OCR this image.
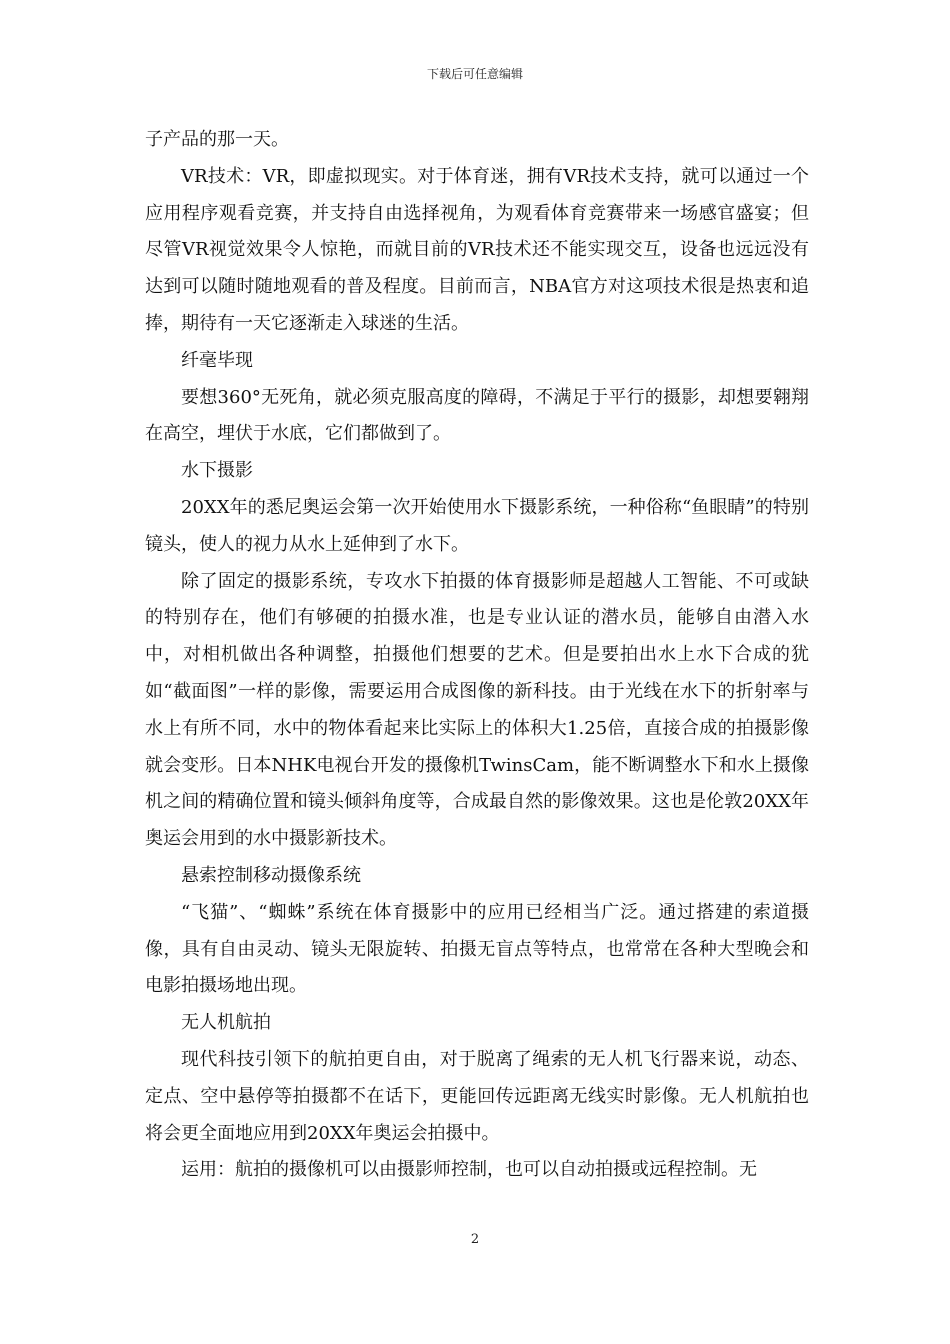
下载后可任意编辑

子产品的那一天。

VR技术：VR，即虚拟现实。对于体育迷，拥有VR技术支持，就可以通过一个应用程序观看竞赛，并支持自由选择视角，为观看体育竞赛带来一场感官盛宴；但尽管VR视觉效果令人惊艳，而就目前的VR技术还不能实现交互，设备也远远没有达到可以随时随地观看的普及程度。目前而言，NBA官方对这项技术很是热衷和追捧，期待有一天它逐渐走入球迷的生活。

纤毫毕现

要想360°无死角，就必须克服高度的障碍，不满足于平行的摄影，却想要翱翔在高空，埋伏于水底，它们都做到了。

水下摄影

20XX年的悉尼奥运会第一次开始使用水下摄影系统，一种俗称“鱼眼睛”的特别镜头，使人的视力从水上延伸到了水下。

除了固定的摄影系统，专攻水下拍摄的体育摄影师是超越人工智能、不可或缺的特别存在，他们有够硬的拍摄水准，也是专业认证的潜水员，能够自由潜入水中，对相机做出各种调整，拍摄他们想要的艺术。但是要拍出水上水下合成的犹如“截面图”一样的影像，需要运用合成图像的新科技。由于光线在水下的折射率与水上有所不同，水中的物体看起来比实际上的体积大1.25倍，直接合成的拍摄影像就会变形。日本NHK电视台开发的摄像机TwinsCam，能不断调整水下和水上摄像机之间的精确位置和镜头倾斜角度等，合成最自然的影像效果。这也是伦敦20XX年奥运会用到的水中摄影新技术。

悬索控制移动摄像系统

“飞猫”、“蜘蛛”系统在体育摄影中的应用已经相当广泛。通过搭建的索道摄像，具有自由灵动、镜头无限旋转、拍摄无盲点等特点，也常常在各种大型晚会和电影拍摄场地出现。

无人机航拍

现代科技引领下的航拍更自由，对于脱离了绳索的无人机飞行器来说，动态、定点、空中悬停等拍摄都不在话下，更能回传远距离无线实时影像。无人机航拍也将会更全面地应用到20XX年奥运会拍摄中。

运用：航拍的摄像机可以由摄影师控制，也可以自动拍摄或远程控制。无

2
